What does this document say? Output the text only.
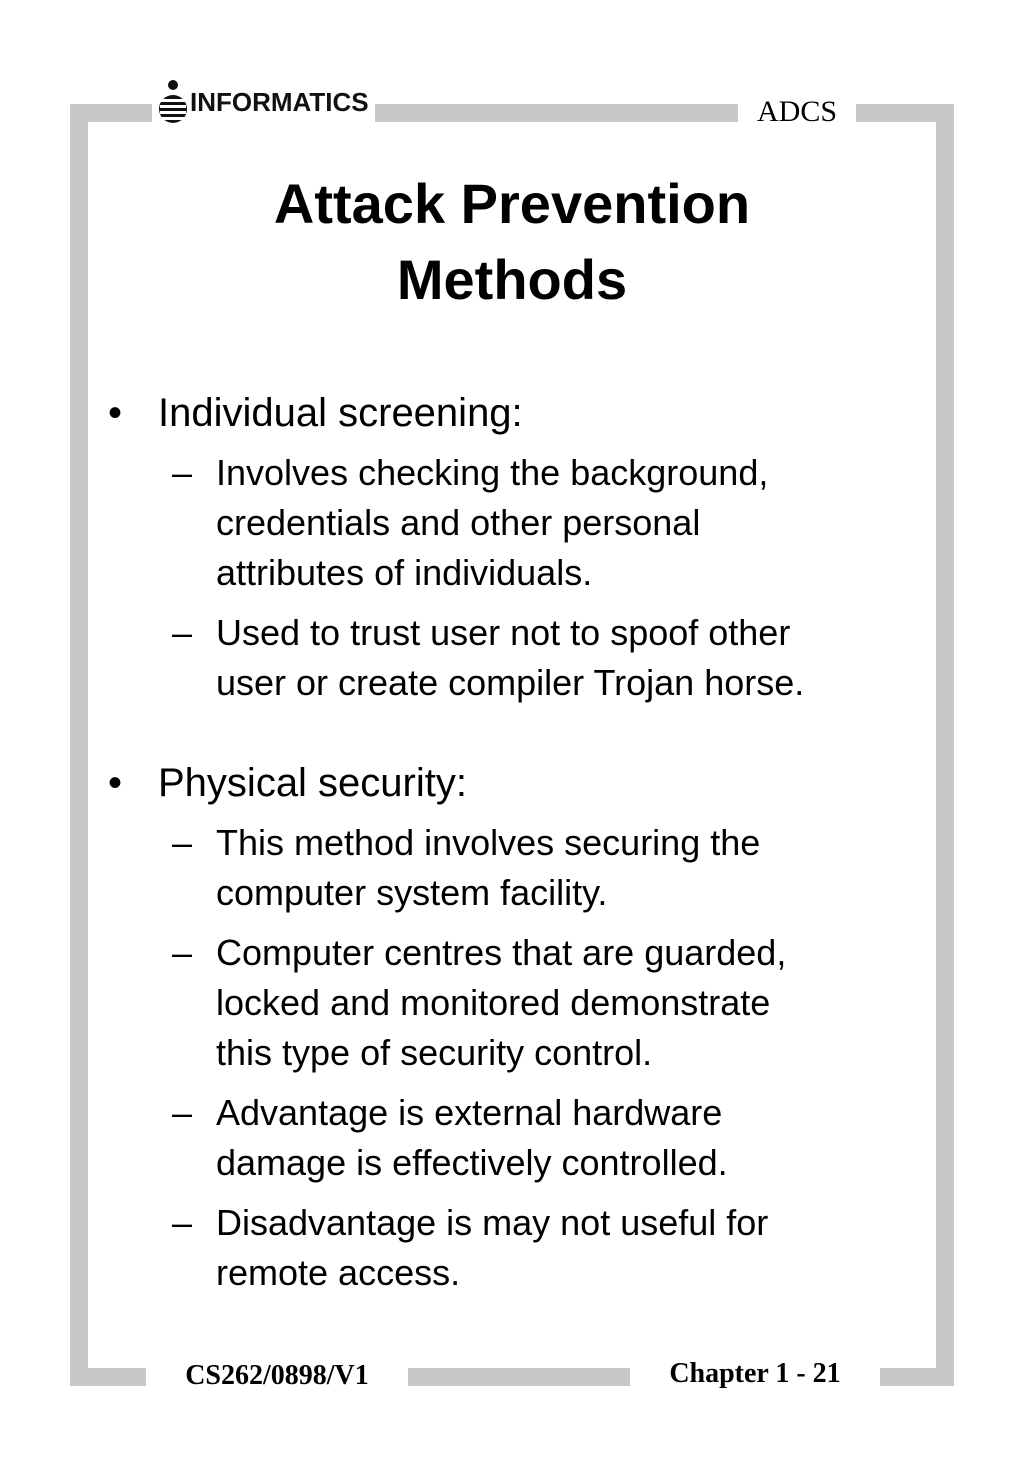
INFORMATICS	ADCS
Attack Prevention
Methods
• Individual screening:
– Involves checking the background,
credentials and other personal
attributes of individuals.
– Used to trust user not to spoof other
user or create compiler Trojan horse.
• Physical security:
– This method involves securing the
computer system facility.
– Computer centres that are guarded,
locked and monitored demonstrate
this type of security control.
– Advantage is external hardware
damage is effectively controlled.
– Disadvantage is may not useful for
remote access.
CS262/0898/V1	Chapter 1 - 21
